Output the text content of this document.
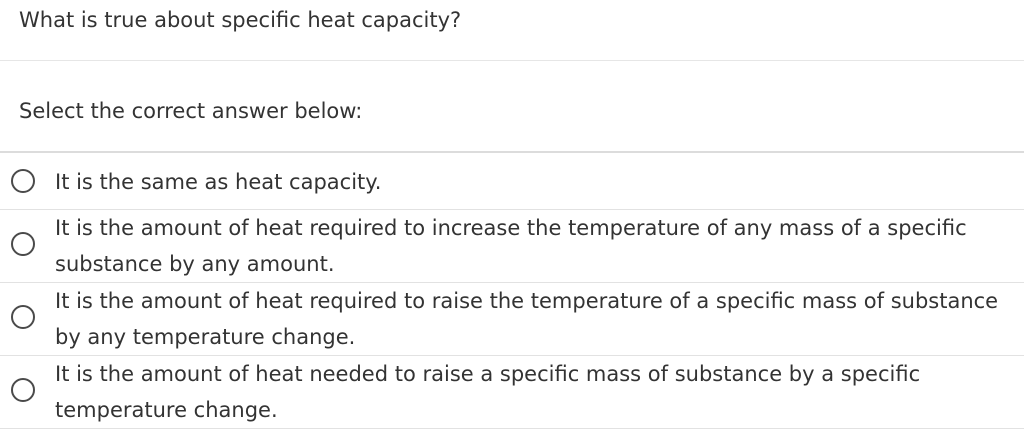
What is true about specific heat capacity?

Select the correct answer below:

It is the same as heat capacity.
It is the amount of heat required to increase the temperature of any mass of a specific substance by any amount.
It is the amount of heat required to raise the temperature of a specific mass of substance by any temperature change.
It is the amount of heat needed to raise a specific mass of substance by a specific temperature change.
